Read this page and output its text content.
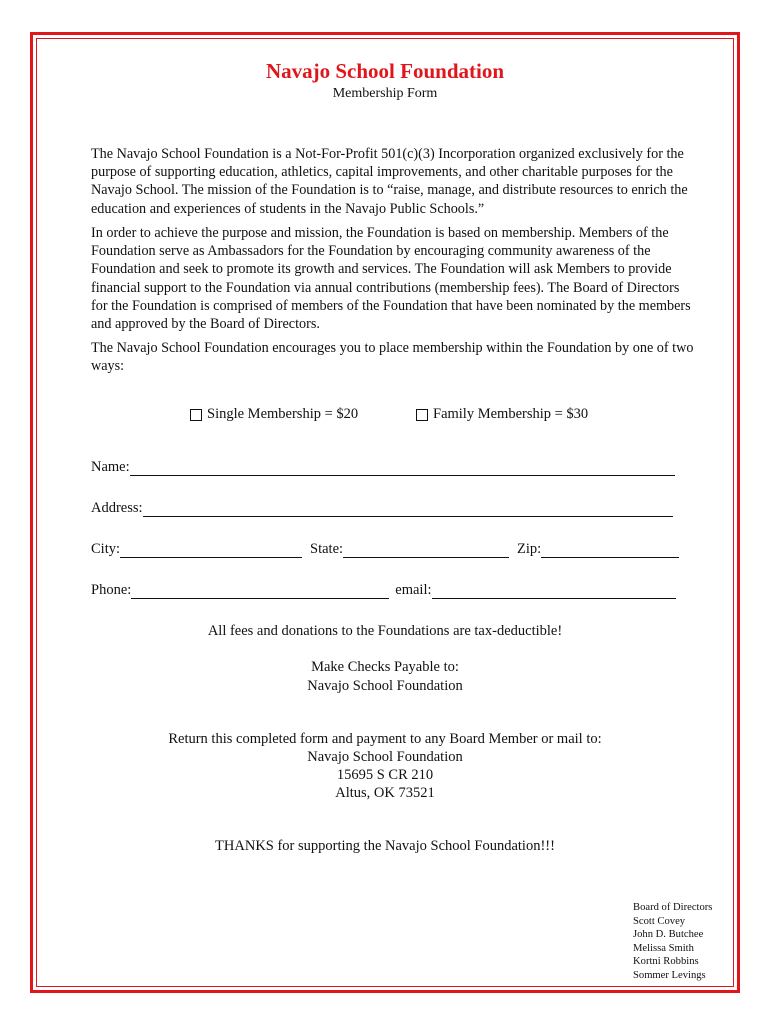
Navajo School Foundation
Membership Form

The Navajo School Foundation is a Not-For-Profit 501(c)(3) Incorporation organized exclusively for the purpose of supporting education, athletics, capital improvements, and other charitable purposes for the Navajo School. The mission of the Foundation is to “raise, manage, and distribute resources to enrich the education and experiences of students in the Navajo Public Schools.”

In order to achieve the purpose and mission, the Foundation is based on membership. Members of the Foundation serve as Ambassadors for the Foundation by encouraging community awareness of the Foundation and seek to promote its growth and services. The Foundation will ask Members to provide financial support to the Foundation via annual contributions (membership fees). The Board of Directors for the Foundation is comprised of members of the Foundation that have been nominated by the members and approved by the Board of Directors.

The Navajo School Foundation encourages you to place membership within the Foundation by one of two ways:

Single Membership = $20	Family Membership = $30
Name:
Address:
City:	State:	Zip:
Phone:	email:
All fees and donations to the Foundations are tax-deductible!
Make Checks Payable to:
Navajo School Foundation
Return this completed form and payment to any Board Member or mail to:
Navajo School Foundation
15695 S CR 210
Altus, OK 73521
THANKS for supporting the Navajo School Foundation!!!
Board of Directors
Scott Covey
John D. Butchee
Melissa Smith
Kortni Robbins
Sommer Levings
